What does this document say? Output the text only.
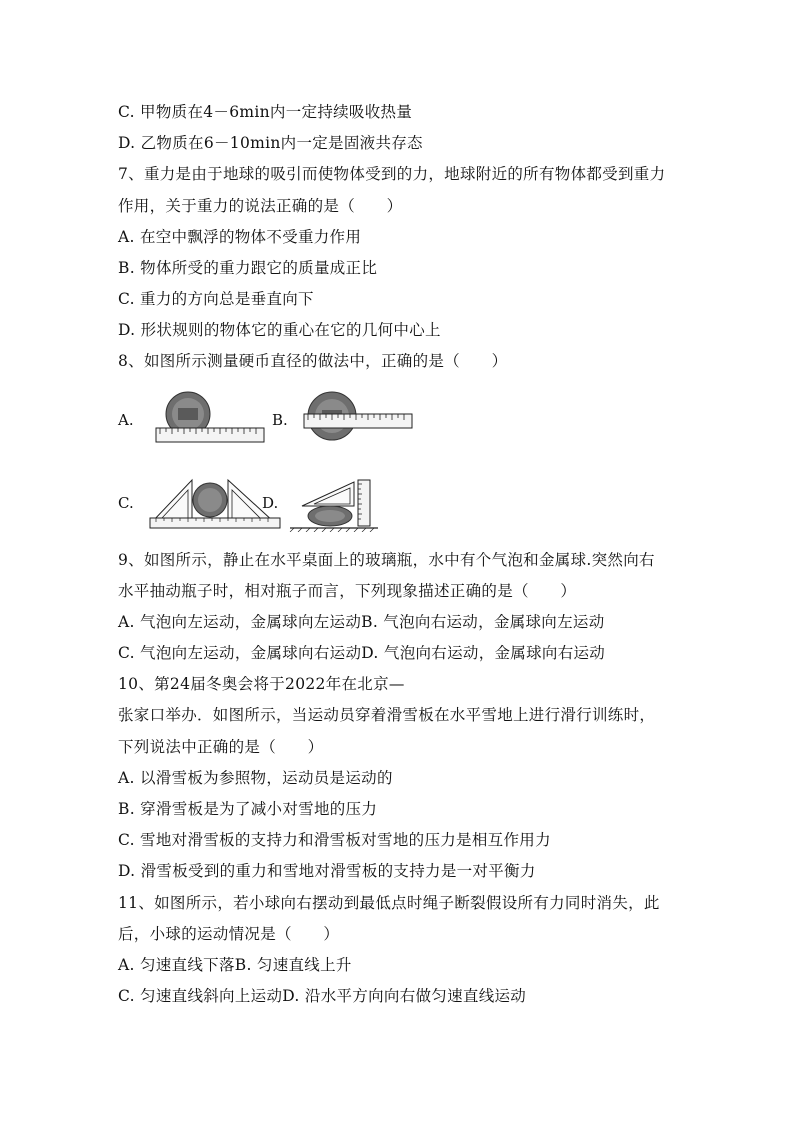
C. 甲物质在4－6min内一定持续吸收热量
D. 乙物质在6－10min内一定是固液共存态
7、重力是由于地球的吸引而使物体受到的力，地球附近的所有物体都受到重力
作用，关于重力的说法正确的是（　　）
A. 在空中飘浮的物体不受重力作用
B. 物体所受的重力跟它的质量成正比
C. 重力的方向总是垂直向下
D. 形状规则的物体它的重心在它的几何中心上
8、如图所示测量硬币直径的做法中，正确的是（　　）
A.	B.
C.	D.
9、如图所示，静止在水平桌面上的玻璃瓶，水中有个气泡和金属球.突然向右
水平抽动瓶子时，相对瓶子而言，下列现象描述正确的是（　　）
A. 气泡向左运动，金属球向左运动B. 气泡向右运动，金属球向左运动
C. 气泡向左运动，金属球向右运动D. 气泡向右运动，金属球向右运动
10、第24届冬奥会将于2022年在北京—
张家口举办．如图所示，当运动员穿着滑雪板在水平雪地上进行滑行训练时，
下列说法中正确的是（　　）
A. 以滑雪板为参照物，运动员是运动的
B. 穿滑雪板是为了减小对雪地的压力
C. 雪地对滑雪板的支持力和滑雪板对雪地的压力是相互作用力
D. 滑雪板受到的重力和雪地对滑雪板的支持力是一对平衡力
11、如图所示，若小球向右摆动到最低点时绳子断裂假设所有力同时消失，此
后，小球的运动情况是（　　）
A. 匀速直线下落B. 匀速直线上升
C. 匀速直线斜向上运动D. 沿水平方向向右做匀速直线运动
